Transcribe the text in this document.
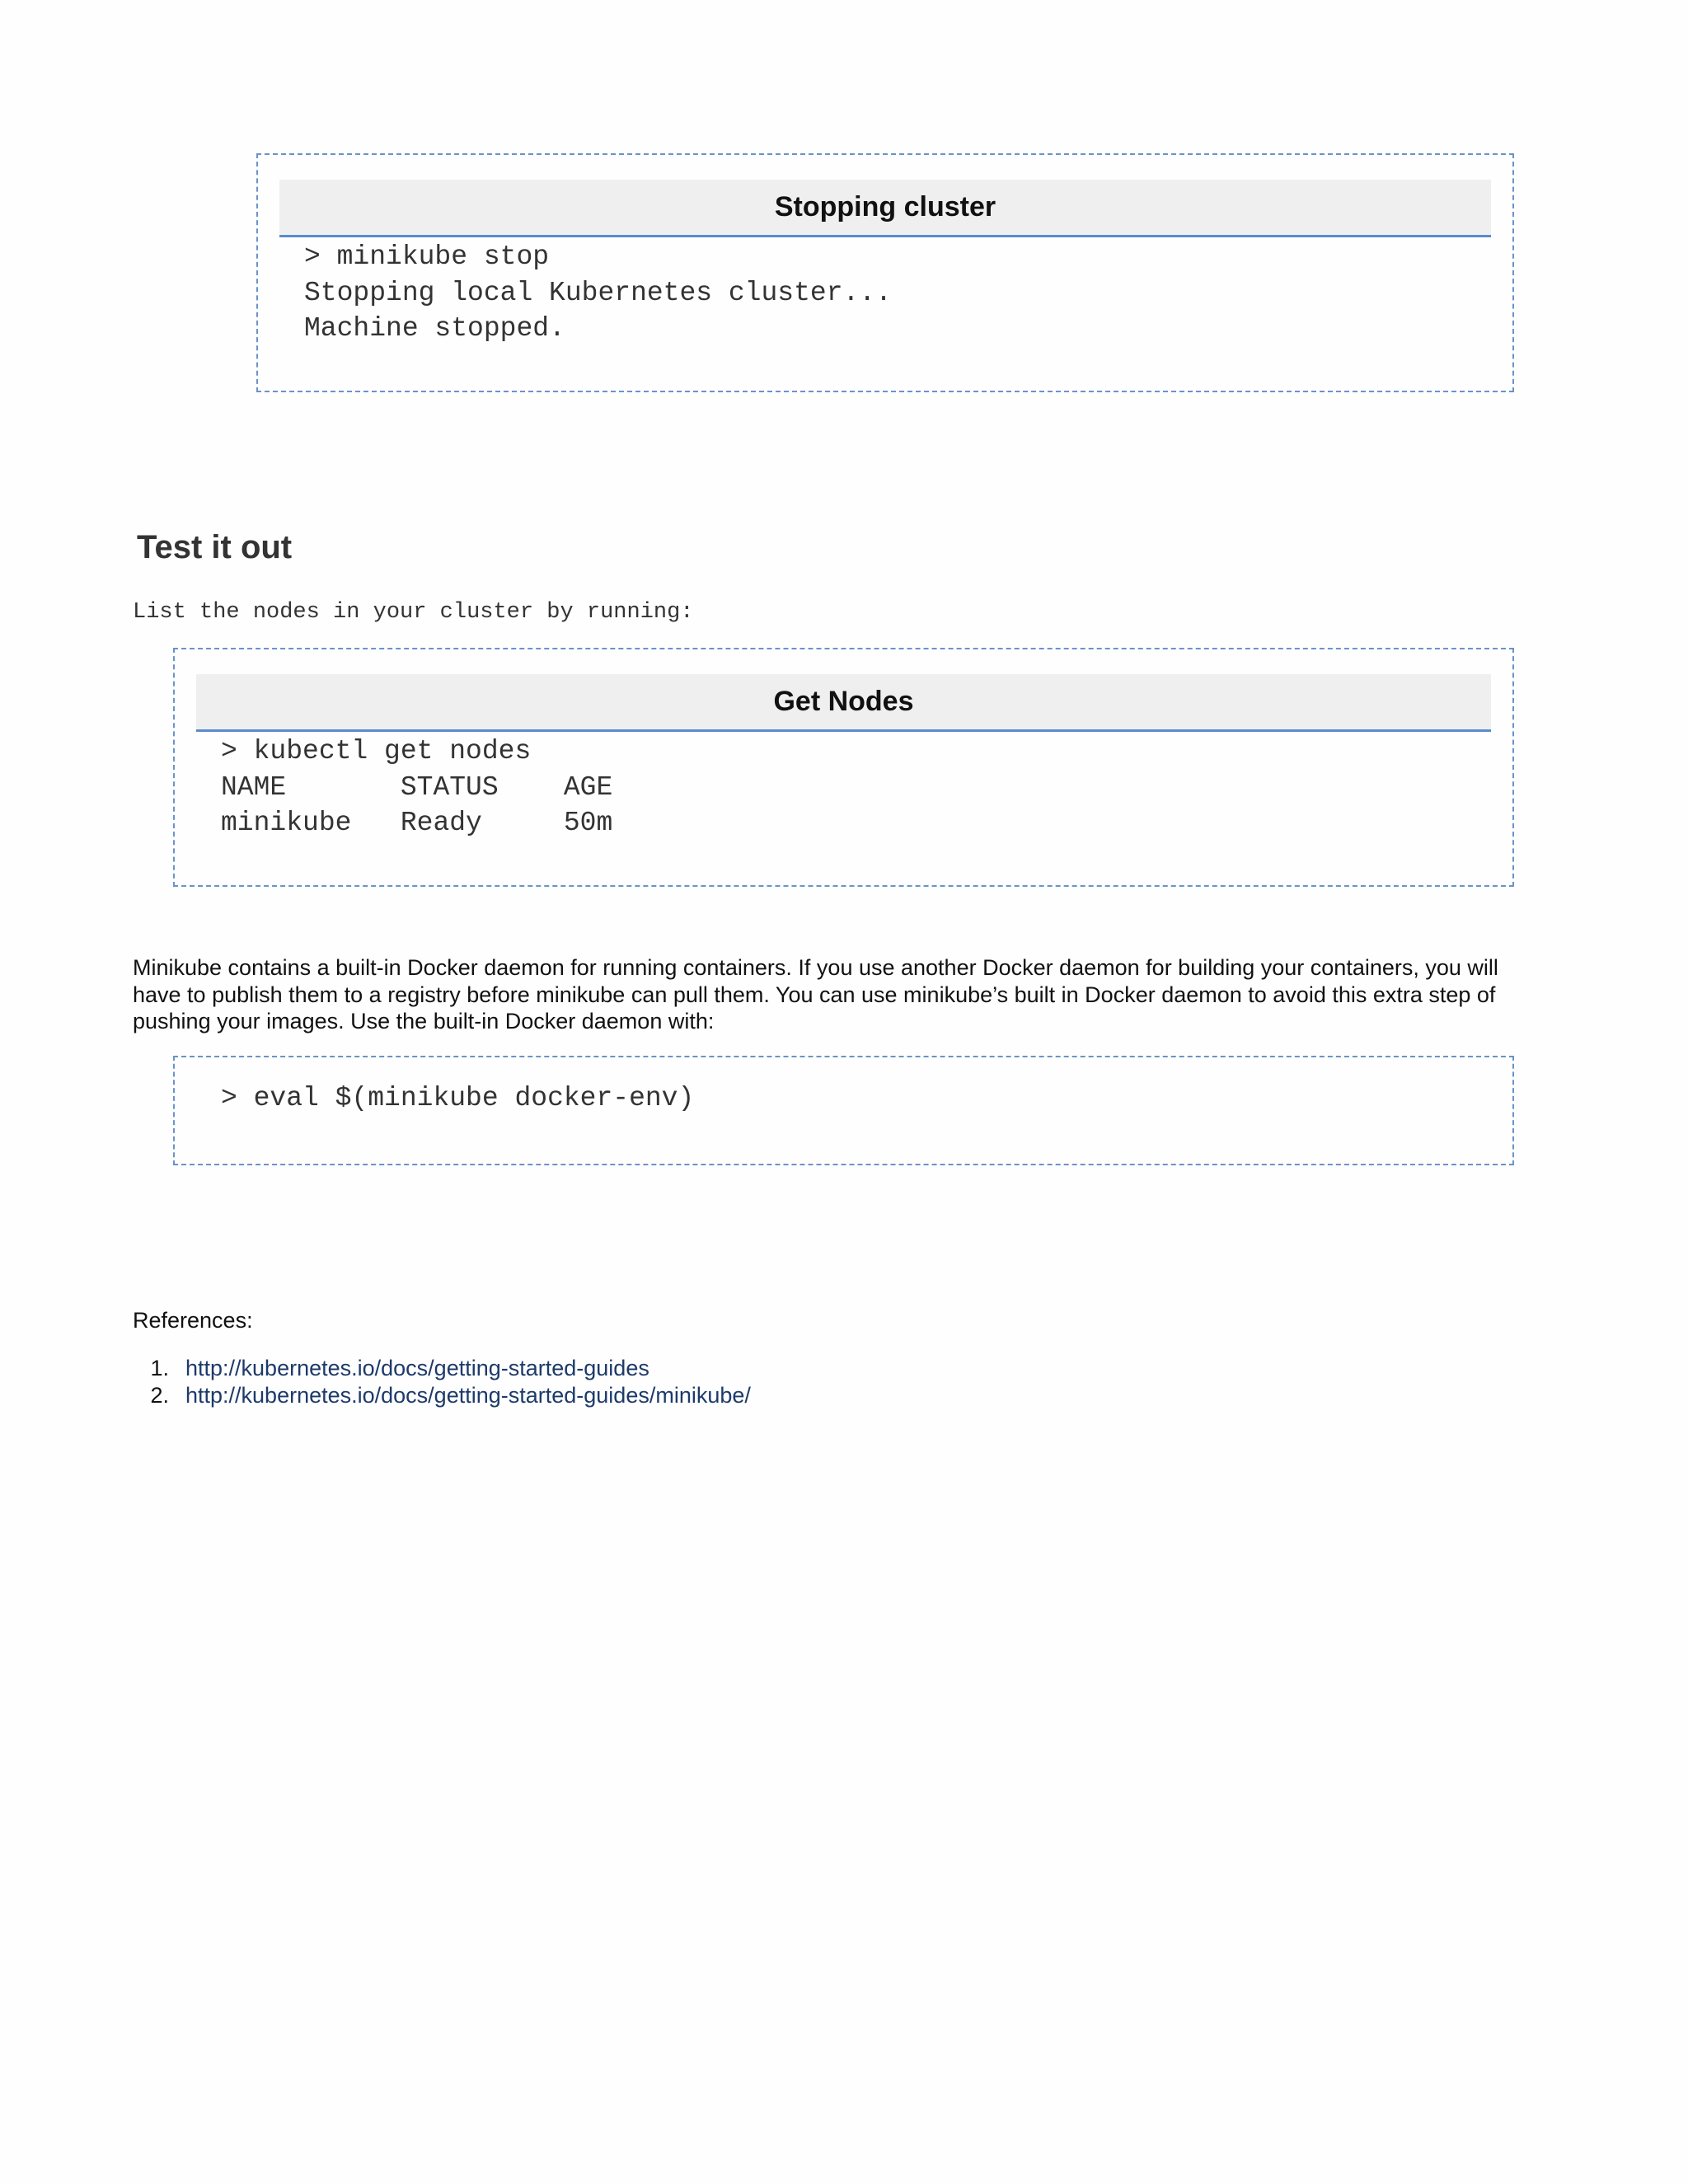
Stopping cluster
> minikube stop
Stopping local Kubernetes cluster...
Machine stopped.
Test it out

List the nodes in your cluster by running:

Get Nodes
> kubectl get nodes
NAME       STATUS    AGE
minikube   Ready     50m

Minikube contains a built-in Docker daemon for running containers. If you use another Docker daemon for building your containers, you will have to publish them to a registry before minikube can pull them. You can use minikube’s built in Docker daemon to avoid this extra step of pushing your images. Use the built-in Docker daemon with:

> eval $(minikube docker-env)

References:

1. http://kubernetes.io/docs/getting-started-guides
2. http://kubernetes.io/docs/getting-started-guides/minikube/
